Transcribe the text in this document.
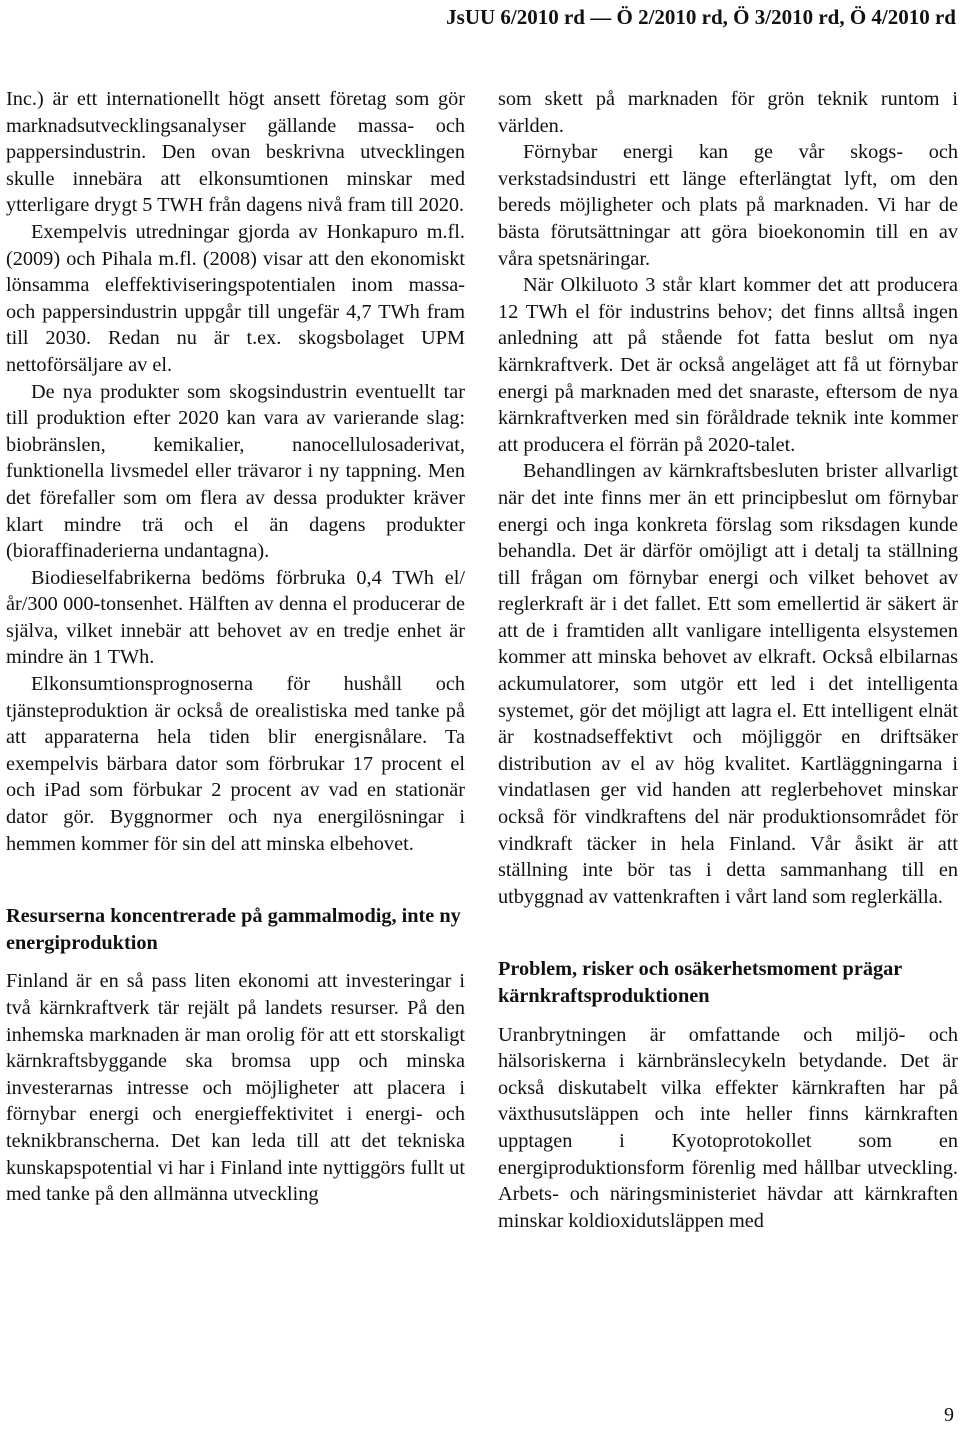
JsUU 6/2010 rd — Ö 2/2010 rd, Ö 3/2010 rd, Ö 4/2010 rd

Inc.) är ett internationellt högt ansett företag som gör marknadsutvecklingsanalyser gällande massa- och pappersindustrin. Den ovan beskrivna utvecklingen skulle innebära att elkonsumtionen minskar med ytterligare drygt 5 TWH från dagens nivå fram till 2020.

Exempelvis utredningar gjorda av Honkapuro m.fl. (2009) och Pihala m.fl. (2008) visar att den ekonomiskt lönsamma eleffektiviseringspotentialen inom massa- och pappersindustrin uppgår till ungefär 4,7 TWh fram till 2030. Redan nu är t.ex. skogsbolaget UPM nettoförsäljare av el.

De nya produkter som skogsindustrin eventuellt tar till produktion efter 2020 kan vara av varierande slag: biobränslen, kemikalier, nanocellulosaderivat, funktionella livsmedel eller trävaror i ny tappning. Men det förefaller som om flera av dessa produkter kräver klart mindre trä och el än dagens produkter (bioraffinaderierna undantagna).

Biodieselfabrikerna bedöms förbruka 0,4 TWh el/år/300 000-tonsenhet. Hälften av denna el producerar de själva, vilket innebär att behovet av en tredje enhet är mindre än 1 TWh.

Elkonsumtionsprognoserna för hushåll och tjänsteproduktion är också de orealistiska med tanke på att apparaterna hela tiden blir energisnålare. Ta exempelvis bärbara dator som förbrukar 17 procent el och iPad som förbukar 2 procent av vad en stationär dator gör. Byggnormer och nya energilösningar i hemmen kommer för sin del att minska elbehovet.

Resurserna koncentrerade på gammalmodig, inte ny energiproduktion

Finland är en så pass liten ekonomi att investeringar i två kärnkraftverk tär rejält på landets resurser. På den inhemska marknaden är man orolig för att ett storskaligt kärnkraftsbyggande ska bromsa upp och minska investerarnas intresse och möjligheter att placera i förnybar energi och energieffektivitet i energi- och teknikbranscherna. Det kan leda till att det tekniska kunskapspotential vi har i Finland inte nyttiggörs fullt ut med tanke på den allmänna utveckling

som skett på marknaden för grön teknik runtom i världen.

Förnybar energi kan ge vår skogs- och verkstadsindustri ett länge efterlängtat lyft, om den bereds möjligheter och plats på marknaden. Vi har de bästa förutsättningar att göra bioekonomin till en av våra spetsnäringar.

När Olkiluoto 3 står klart kommer det att producera 12 TWh el för industrins behov; det finns alltså ingen anledning att på stående fot fatta beslut om nya kärnkraftverk. Det är också angeläget att få ut förnybar energi på marknaden med det snaraste, eftersom de nya kärnkraftverken med sin föråldrade teknik inte kommer att producera el förrän på 2020-talet.

Behandlingen av kärnkraftsbesluten brister allvarligt när det inte finns mer än ett principbeslut om förnybar energi och inga konkreta förslag som riksdagen kunde behandla. Det är därför omöjligt att i detalj ta ställning till frågan om förnybar energi och vilket behovet av reglerkraft är i det fallet. Ett som emellertid är säkert är att de i framtiden allt vanligare intelligenta elsystemen kommer att minska behovet av elkraft. Också elbilarnas ackumulatorer, som utgör ett led i det intelligenta systemet, gör det möjligt att lagra el. Ett intelligent elnät är kostnadseffektivt och möjliggör en driftsäker distribution av el av hög kvalitet. Kartläggningarna i vindatlasen ger vid handen att reglerbehovet minskar också för vindkraftens del när produktionsområdet för vindkraft täcker in hela Finland. Vår åsikt är att ställning inte bör tas i detta sammanhang till en utbyggnad av vattenkraften i vårt land som reglerkälla.

Problem, risker och osäkerhetsmoment prägar kärnkraftsproduktionen

Uranbrytningen är omfattande och miljö- och hälsoriskerna i kärnbränslecykeln betydande. Det är också diskutabelt vilka effekter kärnkraften har på växthusutsläppen och inte heller finns kärnkraften upptagen i Kyotoprotokollet som en energiproduktionsform förenlig med hållbar utveckling. Arbets- och näringsministeriet hävdar att kärnkraften minskar koldioxidutsläppen med

9
